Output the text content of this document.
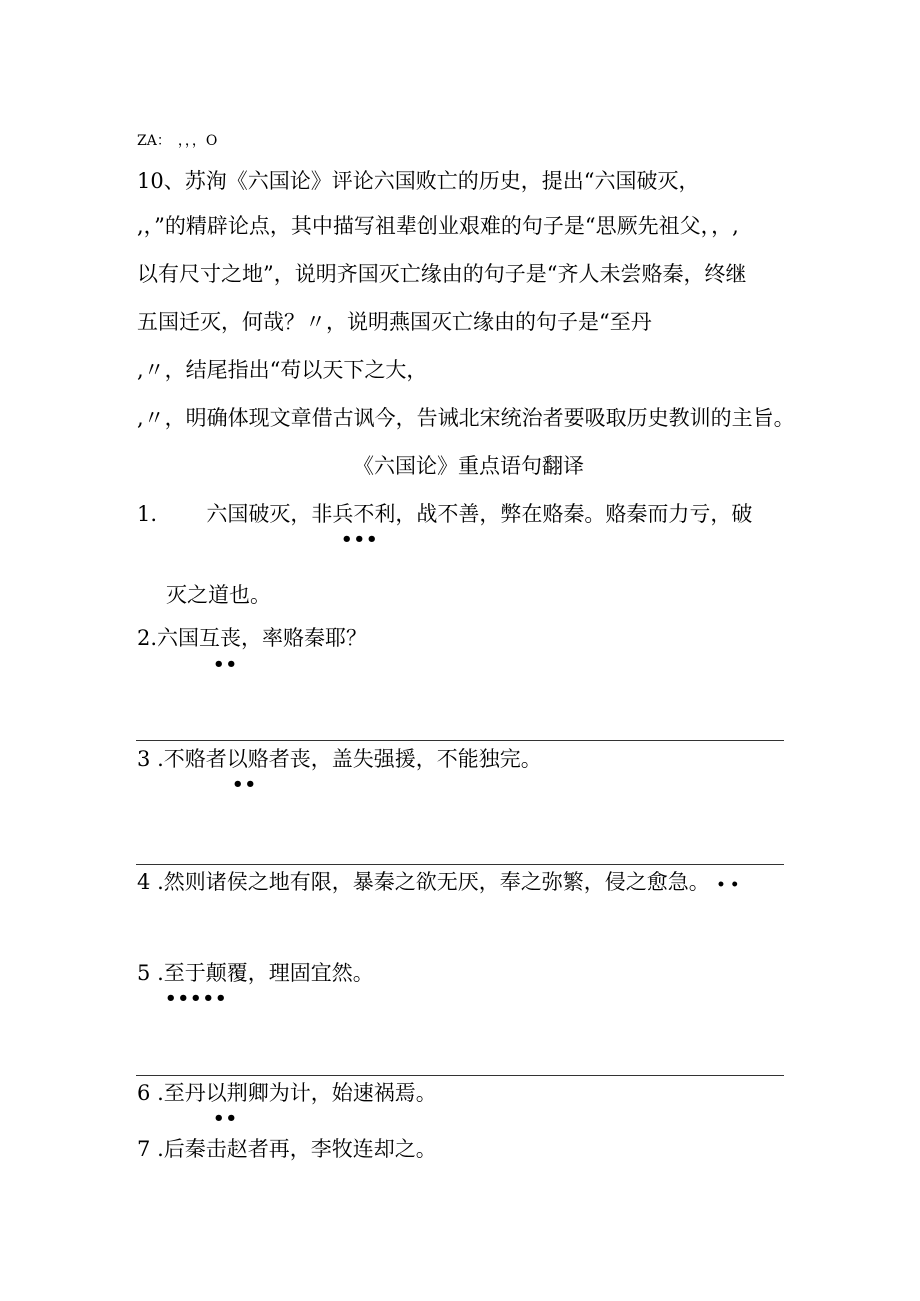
ZA：　，，，O
10、苏洵《六国论》评论六国败亡的历史，提出“六国破灭，
,，”的精辟论点，其中描写祖辈创业艰难的句子是“思厥先祖父，，,
以有尺寸之地”，说明齐国灭亡缘由的句子是“齐人未尝赂秦，终继
五国迁灭，何哉？〃，说明燕国灭亡缘由的句子是“至丹
,〃，结尾指出“苟以天下之大，
,〃，明确体现文章借古讽今，告诫北宋统治者要吸取历史教训的主旨。
《六国论》重点语句翻译
1. 六国破灭，非兵不利，战不善，弊在赂秦。赂秦而力亏，破
•••
灭之道也。
2.六国互丧，率赂秦耶？
••
3 .不赂者以赂者丧，盖失强援，不能独完。
••
4 .然则诸侯之地有限，暴秦之欲无厌，奉之弥繁，侵之愈急。 • •
5 .至于颠覆，理固宜然。
•••••
6 .至丹以荆卿为计，始速祸焉。
••
7 .后秦击赵者再，李牧连却之。
